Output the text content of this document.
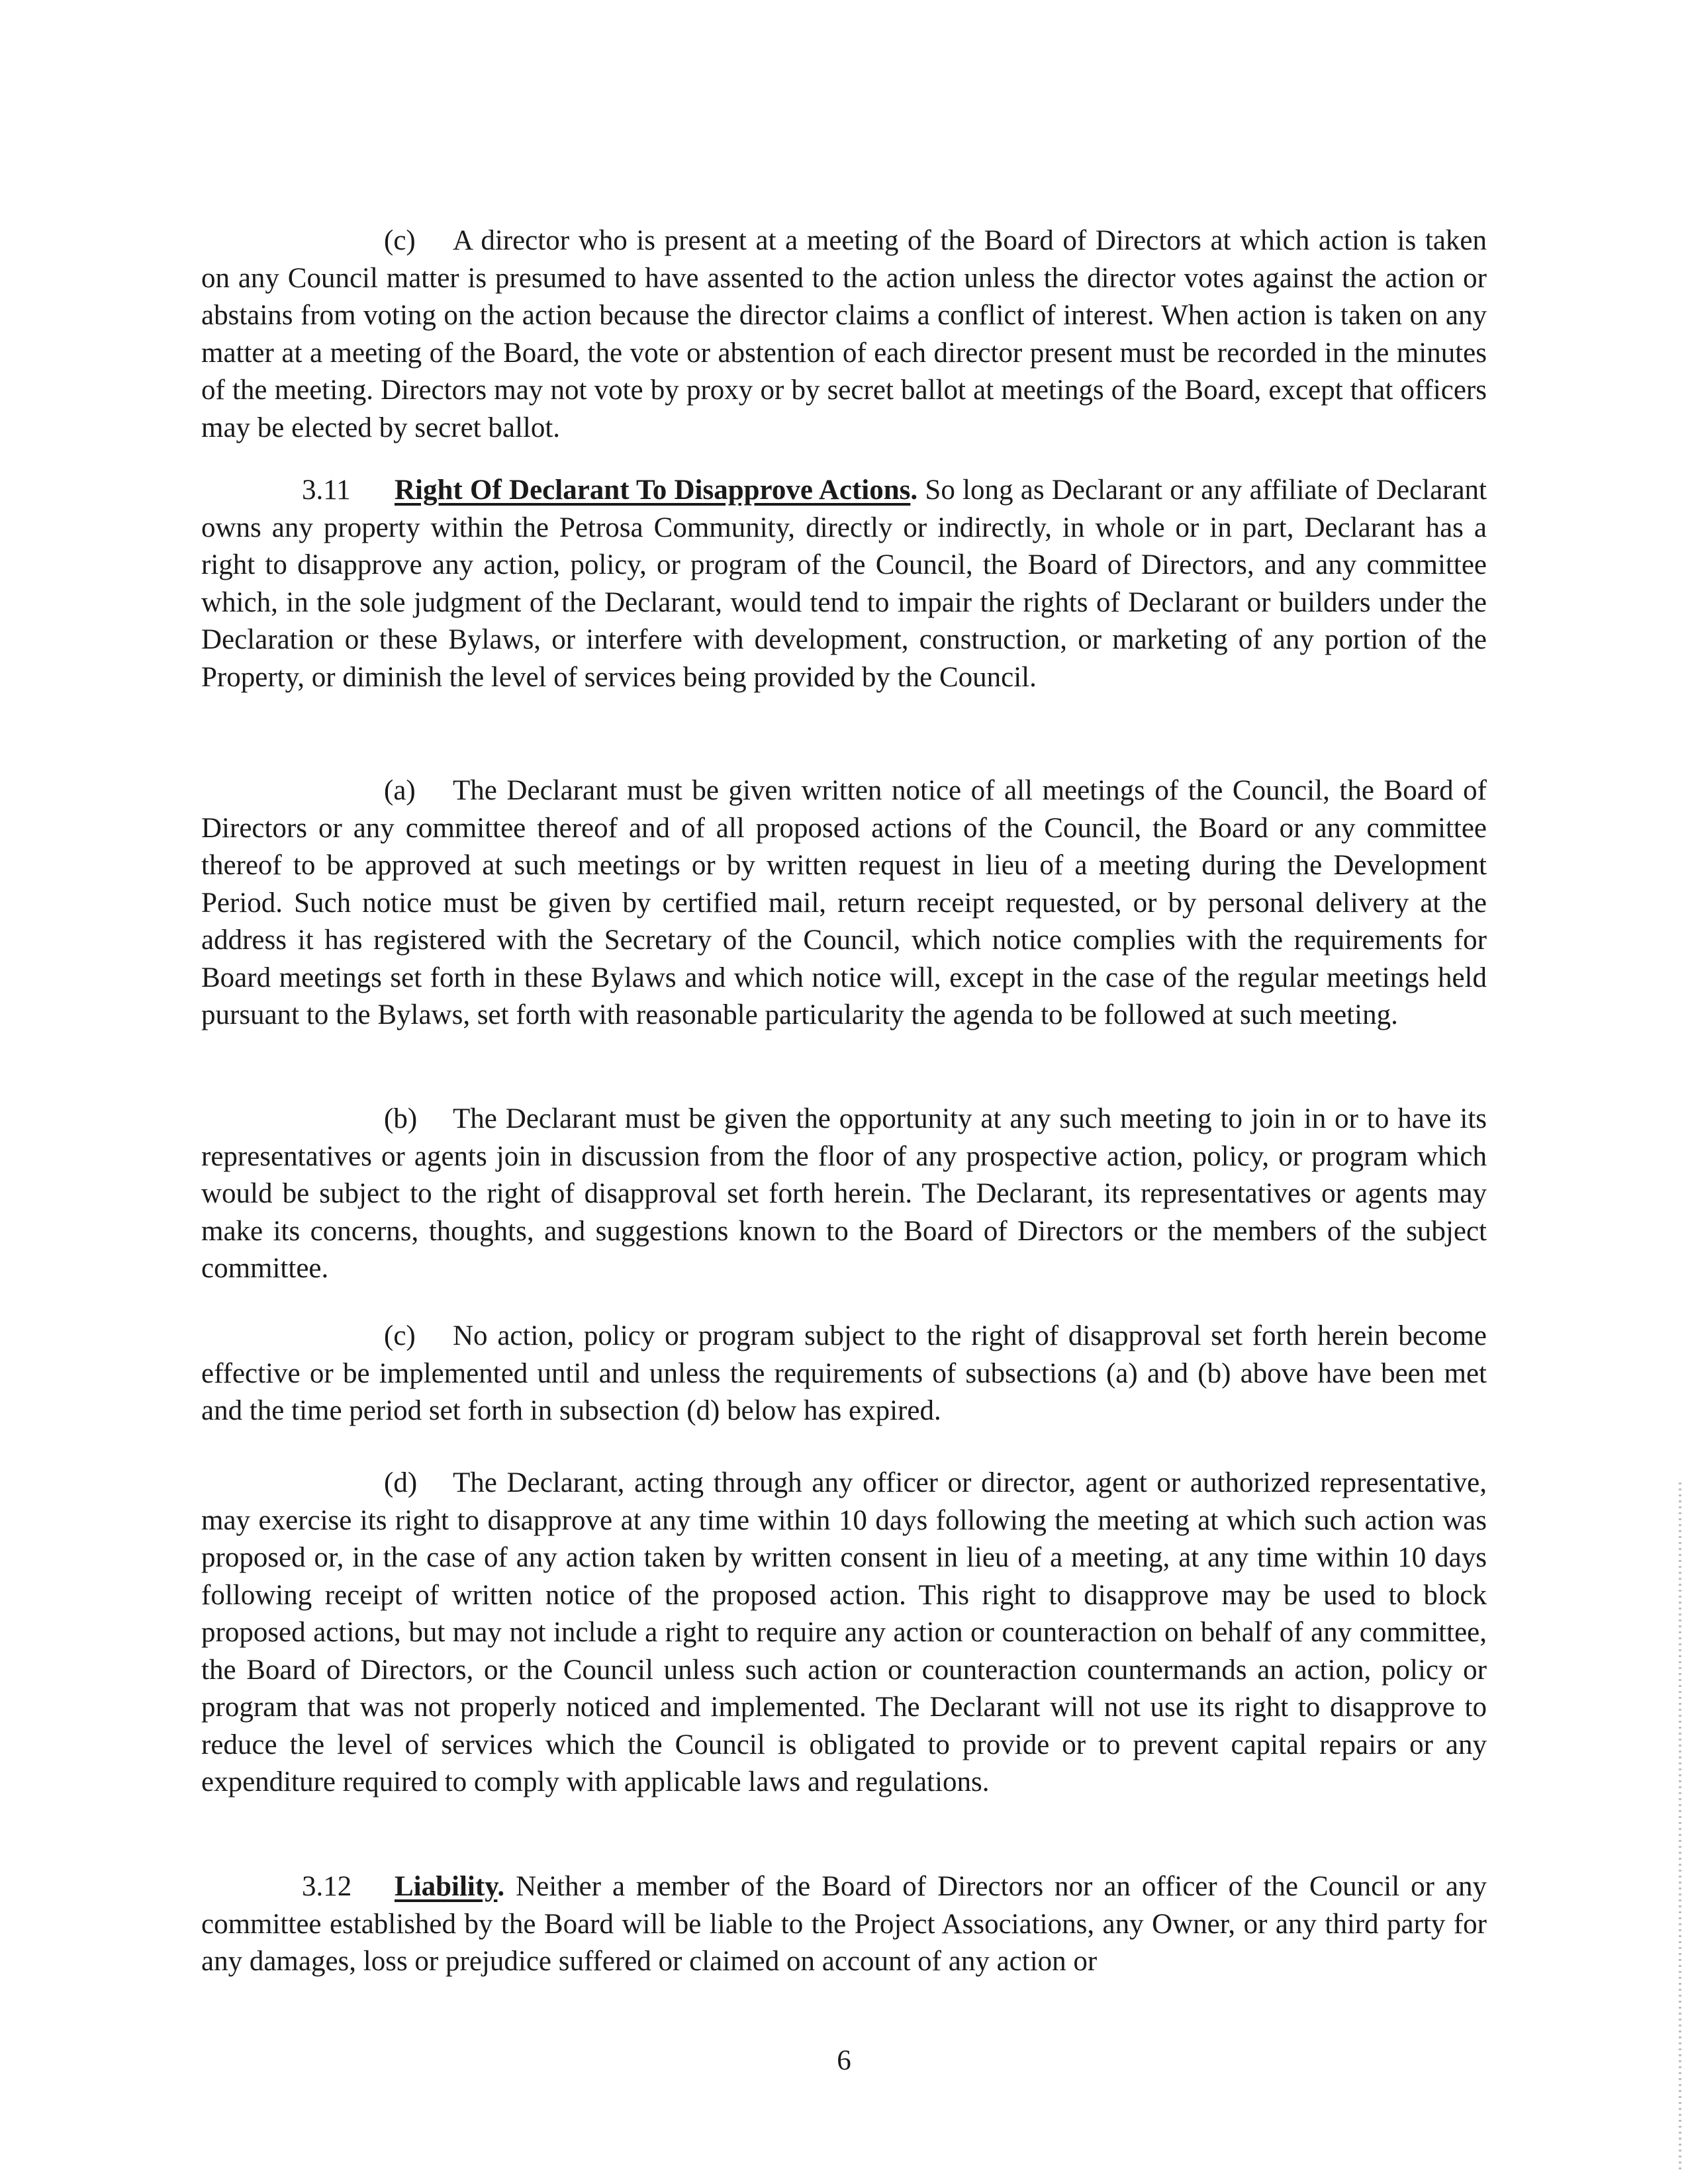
(c) A director who is present at a meeting of the Board of Directors at which action is taken on any Council matter is presumed to have assented to the action unless the director votes against the action or abstains from voting on the action because the director claims a conflict of interest. When action is taken on any matter at a meeting of the Board, the vote or abstention of each director present must be recorded in the minutes of the meeting. Directors may not vote by proxy or by secret ballot at meetings of the Board, except that officers may be elected by secret ballot.

3.11 Right Of Declarant To Disapprove Actions. So long as Declarant or any affiliate of Declarant owns any property within the Petrosa Community, directly or indirectly, in whole or in part, Declarant has a right to disapprove any action, policy, or program of the Council, the Board of Directors, and any committee which, in the sole judgment of the Declarant, would tend to impair the rights of Declarant or builders under the Declaration or these Bylaws, or interfere with development, construction, or marketing of any portion of the Property, or diminish the level of services being provided by the Council.

(a) The Declarant must be given written notice of all meetings of the Council, the Board of Directors or any committee thereof and of all proposed actions of the Council, the Board or any committee thereof to be approved at such meetings or by written request in lieu of a meeting during the Development Period. Such notice must be given by certified mail, return receipt requested, or by personal delivery at the address it has registered with the Secretary of the Council, which notice complies with the requirements for Board meetings set forth in these Bylaws and which notice will, except in the case of the regular meetings held pursuant to the Bylaws, set forth with reasonable particularity the agenda to be followed at such meeting.

(b) The Declarant must be given the opportunity at any such meeting to join in or to have its representatives or agents join in discussion from the floor of any prospective action, policy, or program which would be subject to the right of disapproval set forth herein. The Declarant, its representatives or agents may make its concerns, thoughts, and suggestions known to the Board of Directors or the members of the subject committee.

(c) No action, policy or program subject to the right of disapproval set forth herein become effective or be implemented until and unless the requirements of subsections (a) and (b) above have been met and the time period set forth in subsection (d) below has expired.

(d) The Declarant, acting through any officer or director, agent or authorized representative, may exercise its right to disapprove at any time within 10 days following the meeting at which such action was proposed or, in the case of any action taken by written consent in lieu of a meeting, at any time within 10 days following receipt of written notice of the proposed action. This right to disapprove may be used to block proposed actions, but may not include a right to require any action or counteraction on behalf of any committee, the Board of Directors, or the Council unless such action or counteraction countermands an action, policy or program that was not properly noticed and implemented. The Declarant will not use its right to disapprove to reduce the level of services which the Council is obligated to provide or to prevent capital repairs or any expenditure required to comply with applicable laws and regulations.

3.12 Liability. Neither a member of the Board of Directors nor an officer of the Council or any committee established by the Board will be liable to the Project Associations, any Owner, or any third party for any damages, loss or prejudice suffered or claimed on account of any action or

6
